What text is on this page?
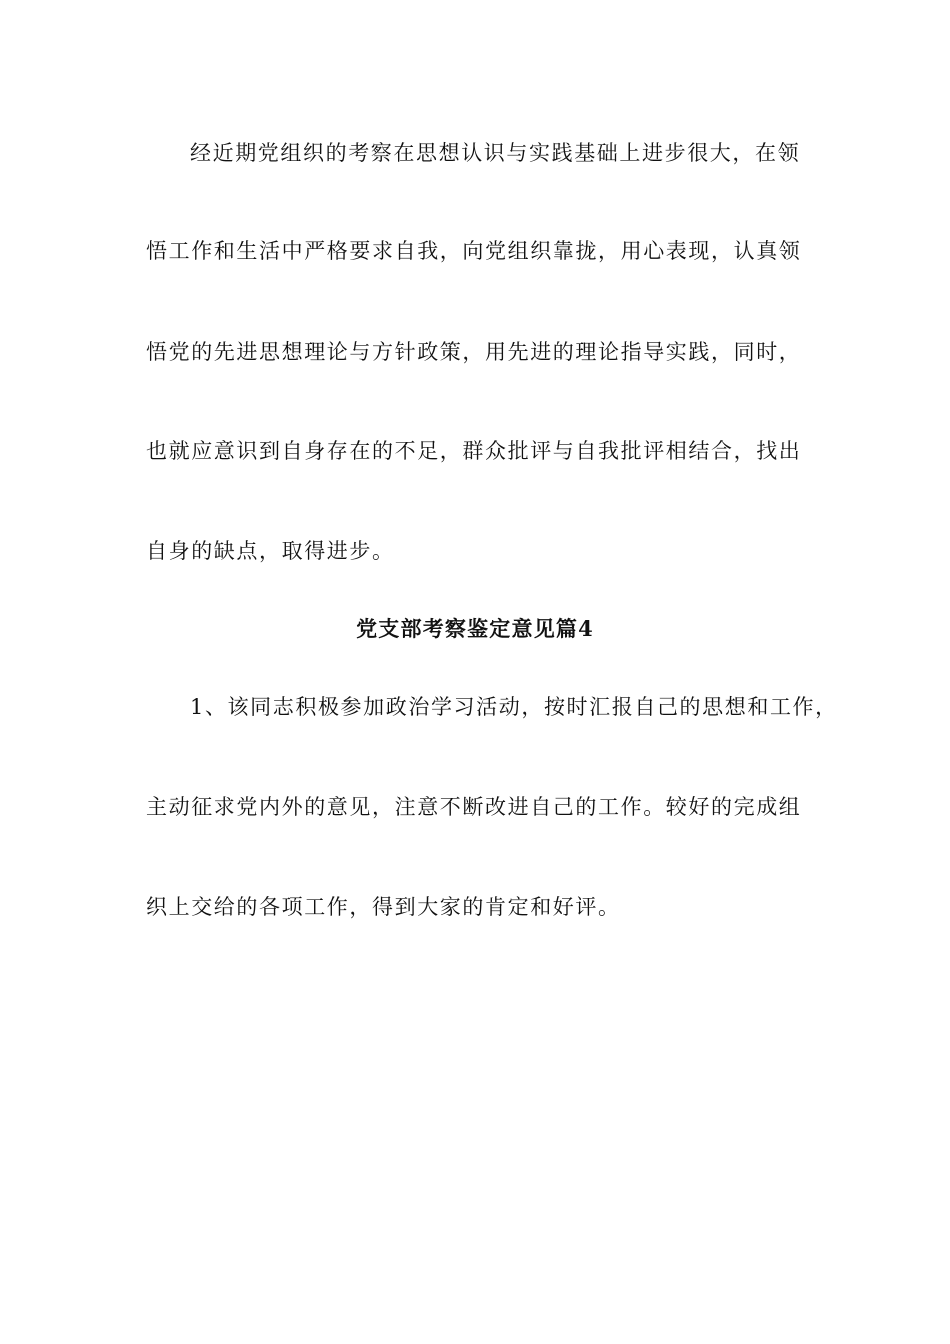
经近期党组织的考察在思想认识与实践基础上进步很大，在领
悟工作和生活中严格要求自我，向党组织靠拢，用心表现，认真领
悟党的先进思想理论与方针政策，用先进的理论指导实践，同时，
也就应意识到自身存在的不足，群众批评与自我批评相结合，找出
自身的缺点，取得进步。
党支部考察鉴定意见篇4
1、该同志积极参加政治学习活动，按时汇报自己的思想和工作，
主动征求党内外的意见，注意不断改进自己的工作。较好的完成组
织上交给的各项工作，得到大家的肯定和好评。
